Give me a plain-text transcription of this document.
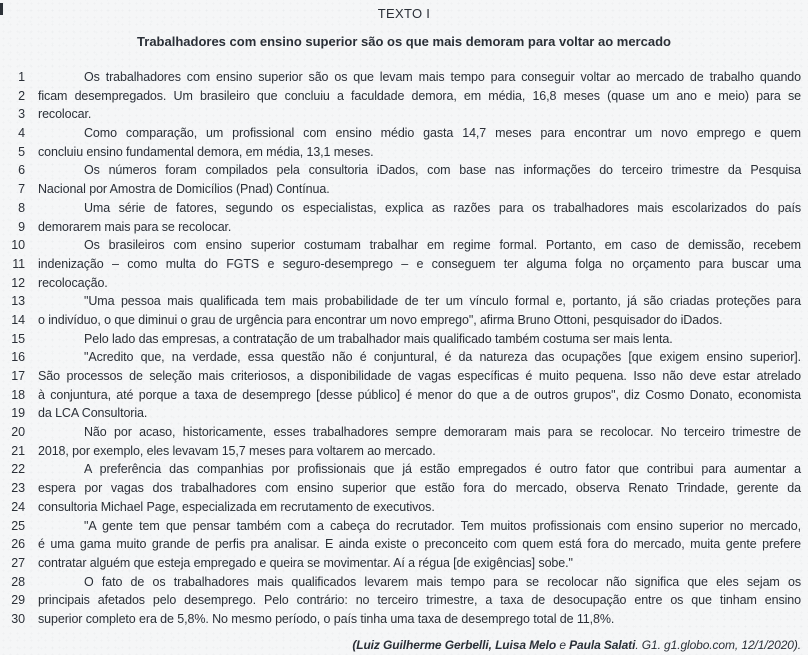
TEXTO I
Trabalhadores com ensino superior são os que mais demoram para voltar ao mercado
1	Os trabalhadores com ensino superior são os que levam mais tempo para conseguir voltar ao mercado de trabalho quando
2 ficam desempregados. Um brasileiro que concluiu a faculdade demora, em média, 16,8 meses (quase um ano e meio) para se
3 recolocar.
4	Como comparação, um profissional com ensino médio gasta 14,7 meses para encontrar um novo emprego e quem
5 concluiu ensino fundamental demora, em média, 13,1 meses.
6	Os números foram compilados pela consultoria iDados, com base nas informações do terceiro trimestre da Pesquisa
7 Nacional por Amostra de Domicílios (Pnad) Contínua.
8	Uma série de fatores, segundo os especialistas, explica as razões para os trabalhadores mais escolarizados do país
9 demorarem mais para se recolocar.
10	Os brasileiros com ensino superior costumam trabalhar em regime formal. Portanto, em caso de demissão, recebem
11 indenização – como multa do FGTS e seguro-desemprego – e conseguem ter alguma folga no orçamento para buscar uma
12 recolocação.
13	"Uma pessoa mais qualificada tem mais probabilidade de ter um vínculo formal e, portanto, já são criadas proteções para
14 o indivíduo, o que diminui o grau de urgência para encontrar um novo emprego", afirma Bruno Ottoni, pesquisador do iDados.
15	Pelo lado das empresas, a contratação de um trabalhador mais qualificado também costuma ser mais lenta.
16	"Acredito que, na verdade, essa questão não é conjuntural, é da natureza das ocupações [que exigem ensino superior].
17 São processos de seleção mais criteriosos, a disponibilidade de vagas específicas é muito pequena. Isso não deve estar atrelado
18 à conjuntura, até porque a taxa de desemprego [desse público] é menor do que a de outros grupos", diz Cosmo Donato, economista
19 da LCA Consultoria.
20	Não por acaso, historicamente, esses trabalhadores sempre demoraram mais para se recolocar. No terceiro trimestre de
21 2018, por exemplo, eles levavam 15,7 meses para voltarem ao mercado.
22	A preferência das companhias por profissionais que já estão empregados é outro fator que contribui para aumentar a
23 espera por vagas dos trabalhadores com ensino superior que estão fora do mercado, observa Renato Trindade, gerente da
24 consultoria Michael Page, especializada em recrutamento de executivos.
25	"A gente tem que pensar também com a cabeça do recrutador. Tem muitos profissionais com ensino superior no mercado,
26 é uma gama muito grande de perfis pra analisar. E ainda existe o preconceito com quem está fora do mercado, muita gente prefere
27 contratar alguém que esteja empregado e queira se movimentar. Aí a régua [de exigências] sobe."
28	O fato de os trabalhadores mais qualificados levarem mais tempo para se recolocar não significa que eles sejam os
29 principais afetados pelo desemprego. Pelo contrário: no terceiro trimestre, a taxa de desocupação entre os que tinham ensino
30 superior completo era de 5,8%. No mesmo período, o país tinha uma taxa de desemprego total de 11,8%.
(Luiz Guilherme Gerbelli, Luisa Melo e Paula Salati. G1. g1.globo.com, 12/1/2020).
